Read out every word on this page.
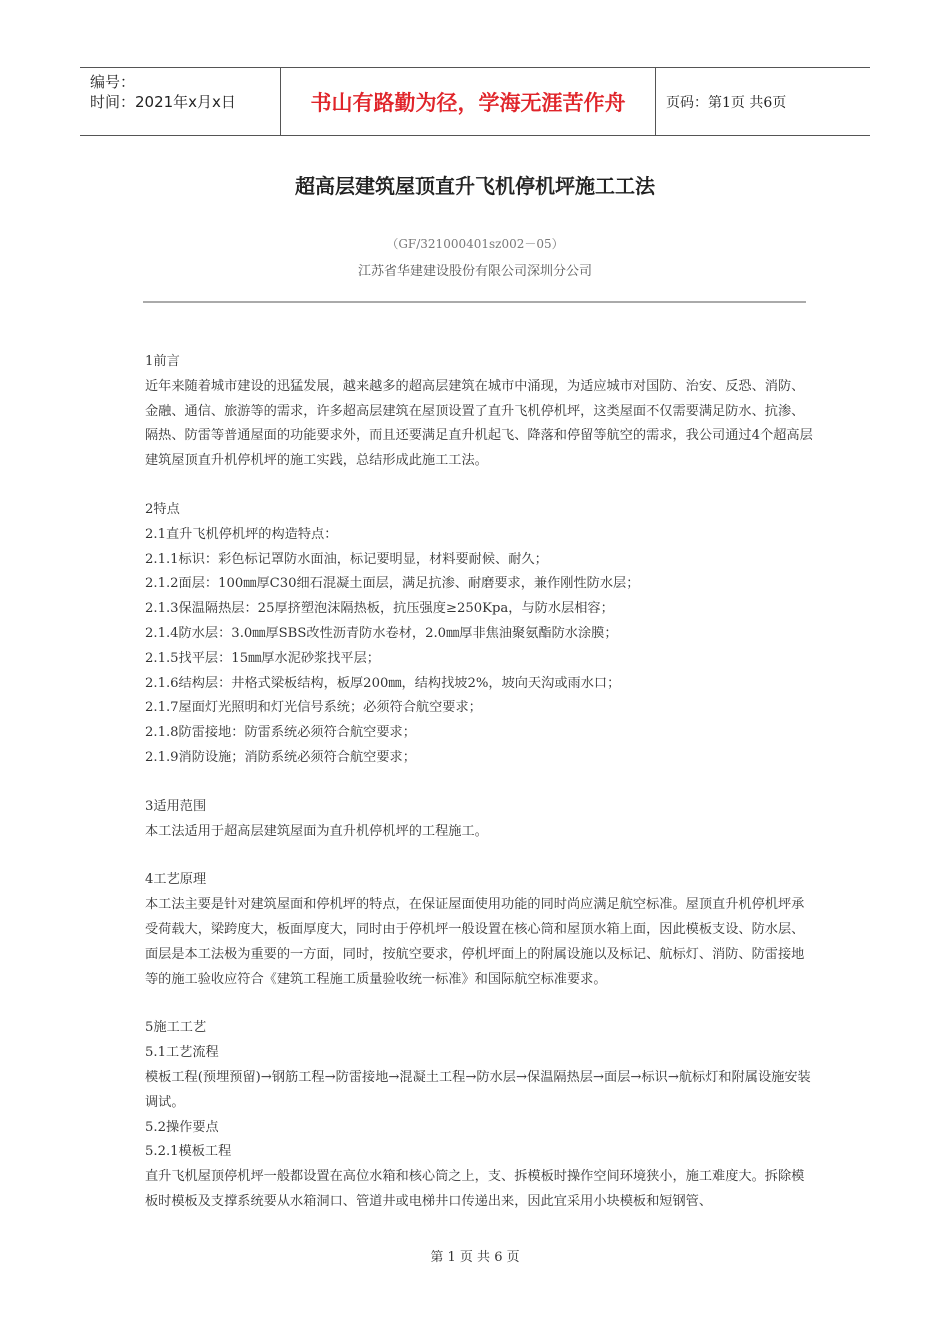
编号：
时间：2021年x月x日	书山有路勤为径，学海无涯苦作舟	页码：第1页 共6页
超高层建筑屋顶直升飞机停机坪施工工法
（GF/321000401sz002－05）
江苏省华建建设股份有限公司深圳分公司

1前言

近年来随着城市建设的迅猛发展，越来越多的超高层建筑在城市中涌现，为适应城市对国防、治安、反恐、消防、金融、通信、旅游等的需求，许多超高层建筑在屋顶设置了直升飞机停机坪，这类屋面不仅需要满足防水、抗渗、隔热、防雷等普通屋面的功能要求外，而且还要满足直升机起飞、降落和停留等航空的需求，我公司通过4个超高层建筑屋顶直升机停机坪的施工实践，总结形成此施工工法。

2特点

2.1直升飞机停机坪的构造特点：

2.1.1标识：彩色标记罩防水面油，标记要明显，材料要耐候、耐久；

2.1.2面层：100㎜厚C30细石混凝土面层，满足抗渗、耐磨要求，兼作刚性防水层；

2.1.3保温隔热层：25厚挤塑泡沫隔热板，抗压强度≥250Kpa，与防水层相容；

2.1.4防水层：3.0㎜厚SBS改性沥青防水卷材，2.0㎜厚非焦油聚氨酯防水涂膜；

2.1.5找平层：15㎜厚水泥砂浆找平层；

2.1.6结构层：井格式梁板结构，板厚200㎜，结构找坡2%，坡向天沟或雨水口；

2.1.7屋面灯光照明和灯光信号系统；必须符合航空要求；

2.1.8防雷接地：防雷系统必须符合航空要求；

2.1.9消防设施；消防系统必须符合航空要求；

3适用范围

本工法适用于超高层建筑屋面为直升机停机坪的工程施工。

4工艺原理

本工法主要是针对建筑屋面和停机坪的特点，在保证屋面使用功能的同时尚应满足航空标准。屋顶直升机停机坪承受荷载大，梁跨度大，板面厚度大，同时由于停机坪一般设置在核心筒和屋顶水箱上面，因此模板支设、防水层、面层是本工法极为重要的一方面，同时，按航空要求，停机坪面上的附属设施以及标记、航标灯、消防、防雷接地等的施工验收应符合《建筑工程施工质量验收统一标准》和国际航空标准要求。

5施工工艺

5.1工艺流程

模板工程(预埋预留)→钢筋工程→防雷接地→混凝土工程→防水层→保温隔热层→面层→标识→航标灯和附属设施安装调试。

5.2操作要点

5.2.1模板工程

直升飞机屋顶停机坪一般都设置在高位水箱和核心筒之上，支、拆模板时操作空间环境狭小，施工难度大。拆除模板时模板及支撑系统要从水箱洞口、管道井或电梯井口传递出来，因此宜采用小块模板和短钢管、

第 1 页 共 6 页
